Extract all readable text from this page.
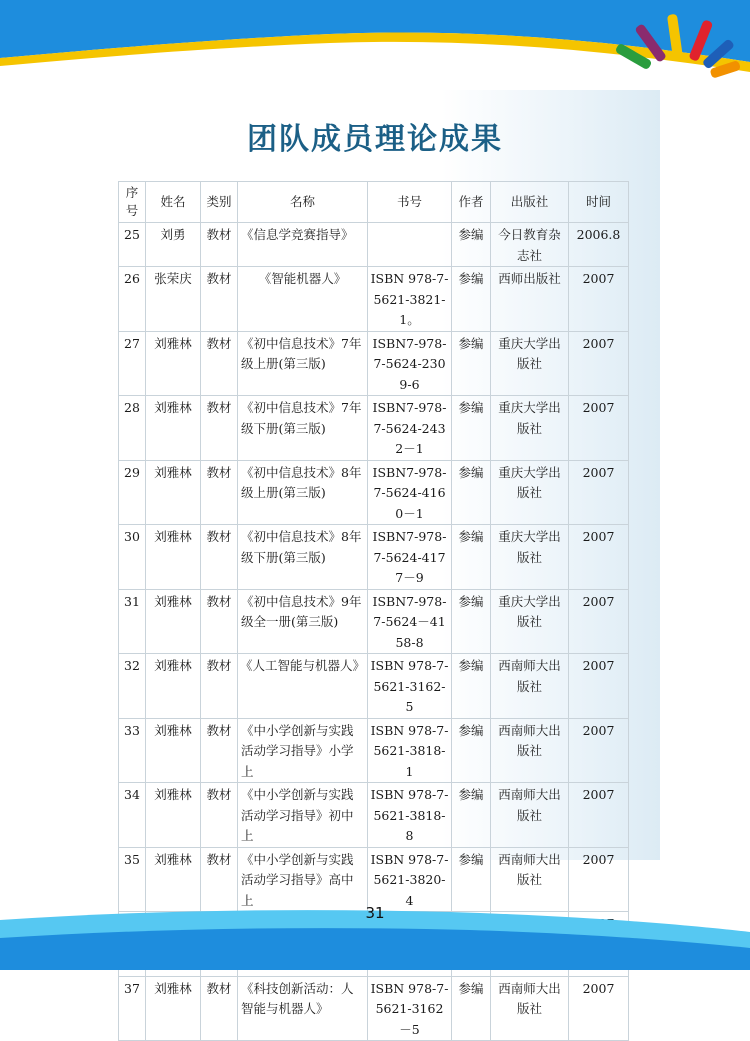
团队成员理论成果
序号	姓名	类别	名称	书号	作者	出版社	时间
25	刘勇	教材	《信息学竞赛指导》		参编	今日教育杂志社	2006.8
26	张荣庆	教材	《智能机器人》	ISBN 978-7-5621-3821-1。	参编	西师出版社	2007
27	刘雅林	教材	《初中信息技术》7年级上册(第三版)	ISBN7-978-7-5624-2309-6	参编	重庆大学出版社	2007
28	刘雅林	教材	《初中信息技术》7年级下册(第三版)	ISBN7-978-7-5624-2432－1	参编	重庆大学出版社	2007
29	刘雅林	教材	《初中信息技术》8年级上册(第三版)	ISBN7-978-7-5624-4160－1	参编	重庆大学出版社	2007
30	刘雅林	教材	《初中信息技术》8年级下册(第三版)	ISBN7-978-7-5624-4177－9	参编	重庆大学出版社	2007
31	刘雅林	教材	《初中信息技术》9年级全一册(第三版)	ISBN7-978-7-5624－4158-8	参编	重庆大学出版社	2007
32	刘雅林	教材	《人工智能与机器人》	ISBN 978-7-5621-3162-5	参编	西南师大出版社	2007
33	刘雅林	教材	《中小学创新与实践活动学习指导》小学上	ISBN 978-7-5621-3818-1	参编	西南师大出版社	2007
34	刘雅林	教材	《中小学创新与实践活动学习指导》初中上	ISBN 978-7-5621-3818-8	参编	西南师大出版社	2007
35	刘雅林	教材	《中小学创新与实践活动学习指导》高中上	ISBN 978-7-5621-3820-4	参编	西南师大出版社	2007

37	刘雅林	教材	《科技创新活动：人智能与机器人》	ISBN 978-7-5621-3162－5	参编	西南师大出版社	2007
31
